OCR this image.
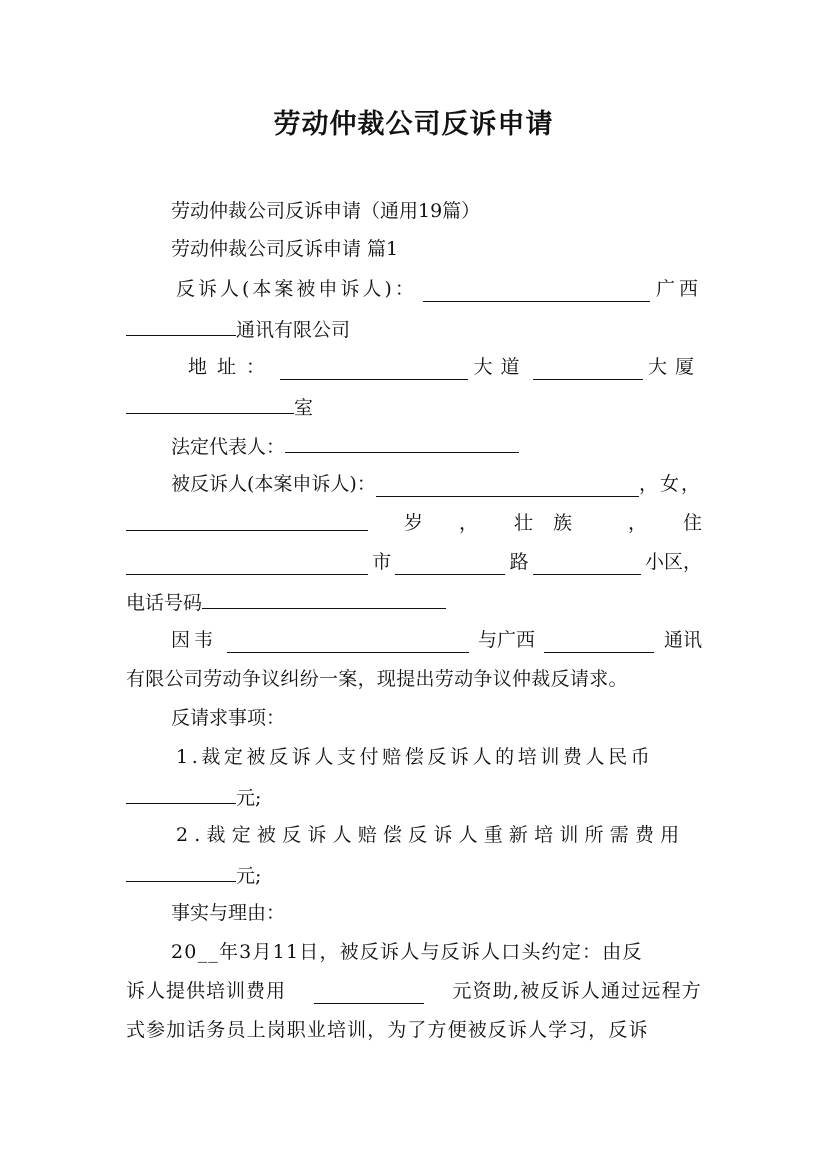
劳动仲裁公司反诉申请
劳动仲裁公司反诉申请（通用19篇）
劳动仲裁公司反诉申请 篇1
反诉人(本案被申诉人)：	广西
通讯有限公司
地址：	大道	大厦
室
法定代表人：
被反诉人(本案申诉人)：	，女，
岁 ， 壮族 ， 住
市	路	小区，
电话号码
因韦	与广西	通讯
有限公司劳动争议纠纷一案，现提出劳动争议仲裁反请求。
反请求事项：
1.裁定被反诉人支付赔偿反诉人的培训费人民币
元;
2.裁定被反诉人赔偿反诉人重新培训所需费用
元;
事实与理由：
20__年3月11日，被反诉人与反诉人口头约定：由反
诉人提供培训费用	元资助,被反诉人通过远程方
式参加话务员上岗职业培训，为了方便被反诉人学习，反诉
